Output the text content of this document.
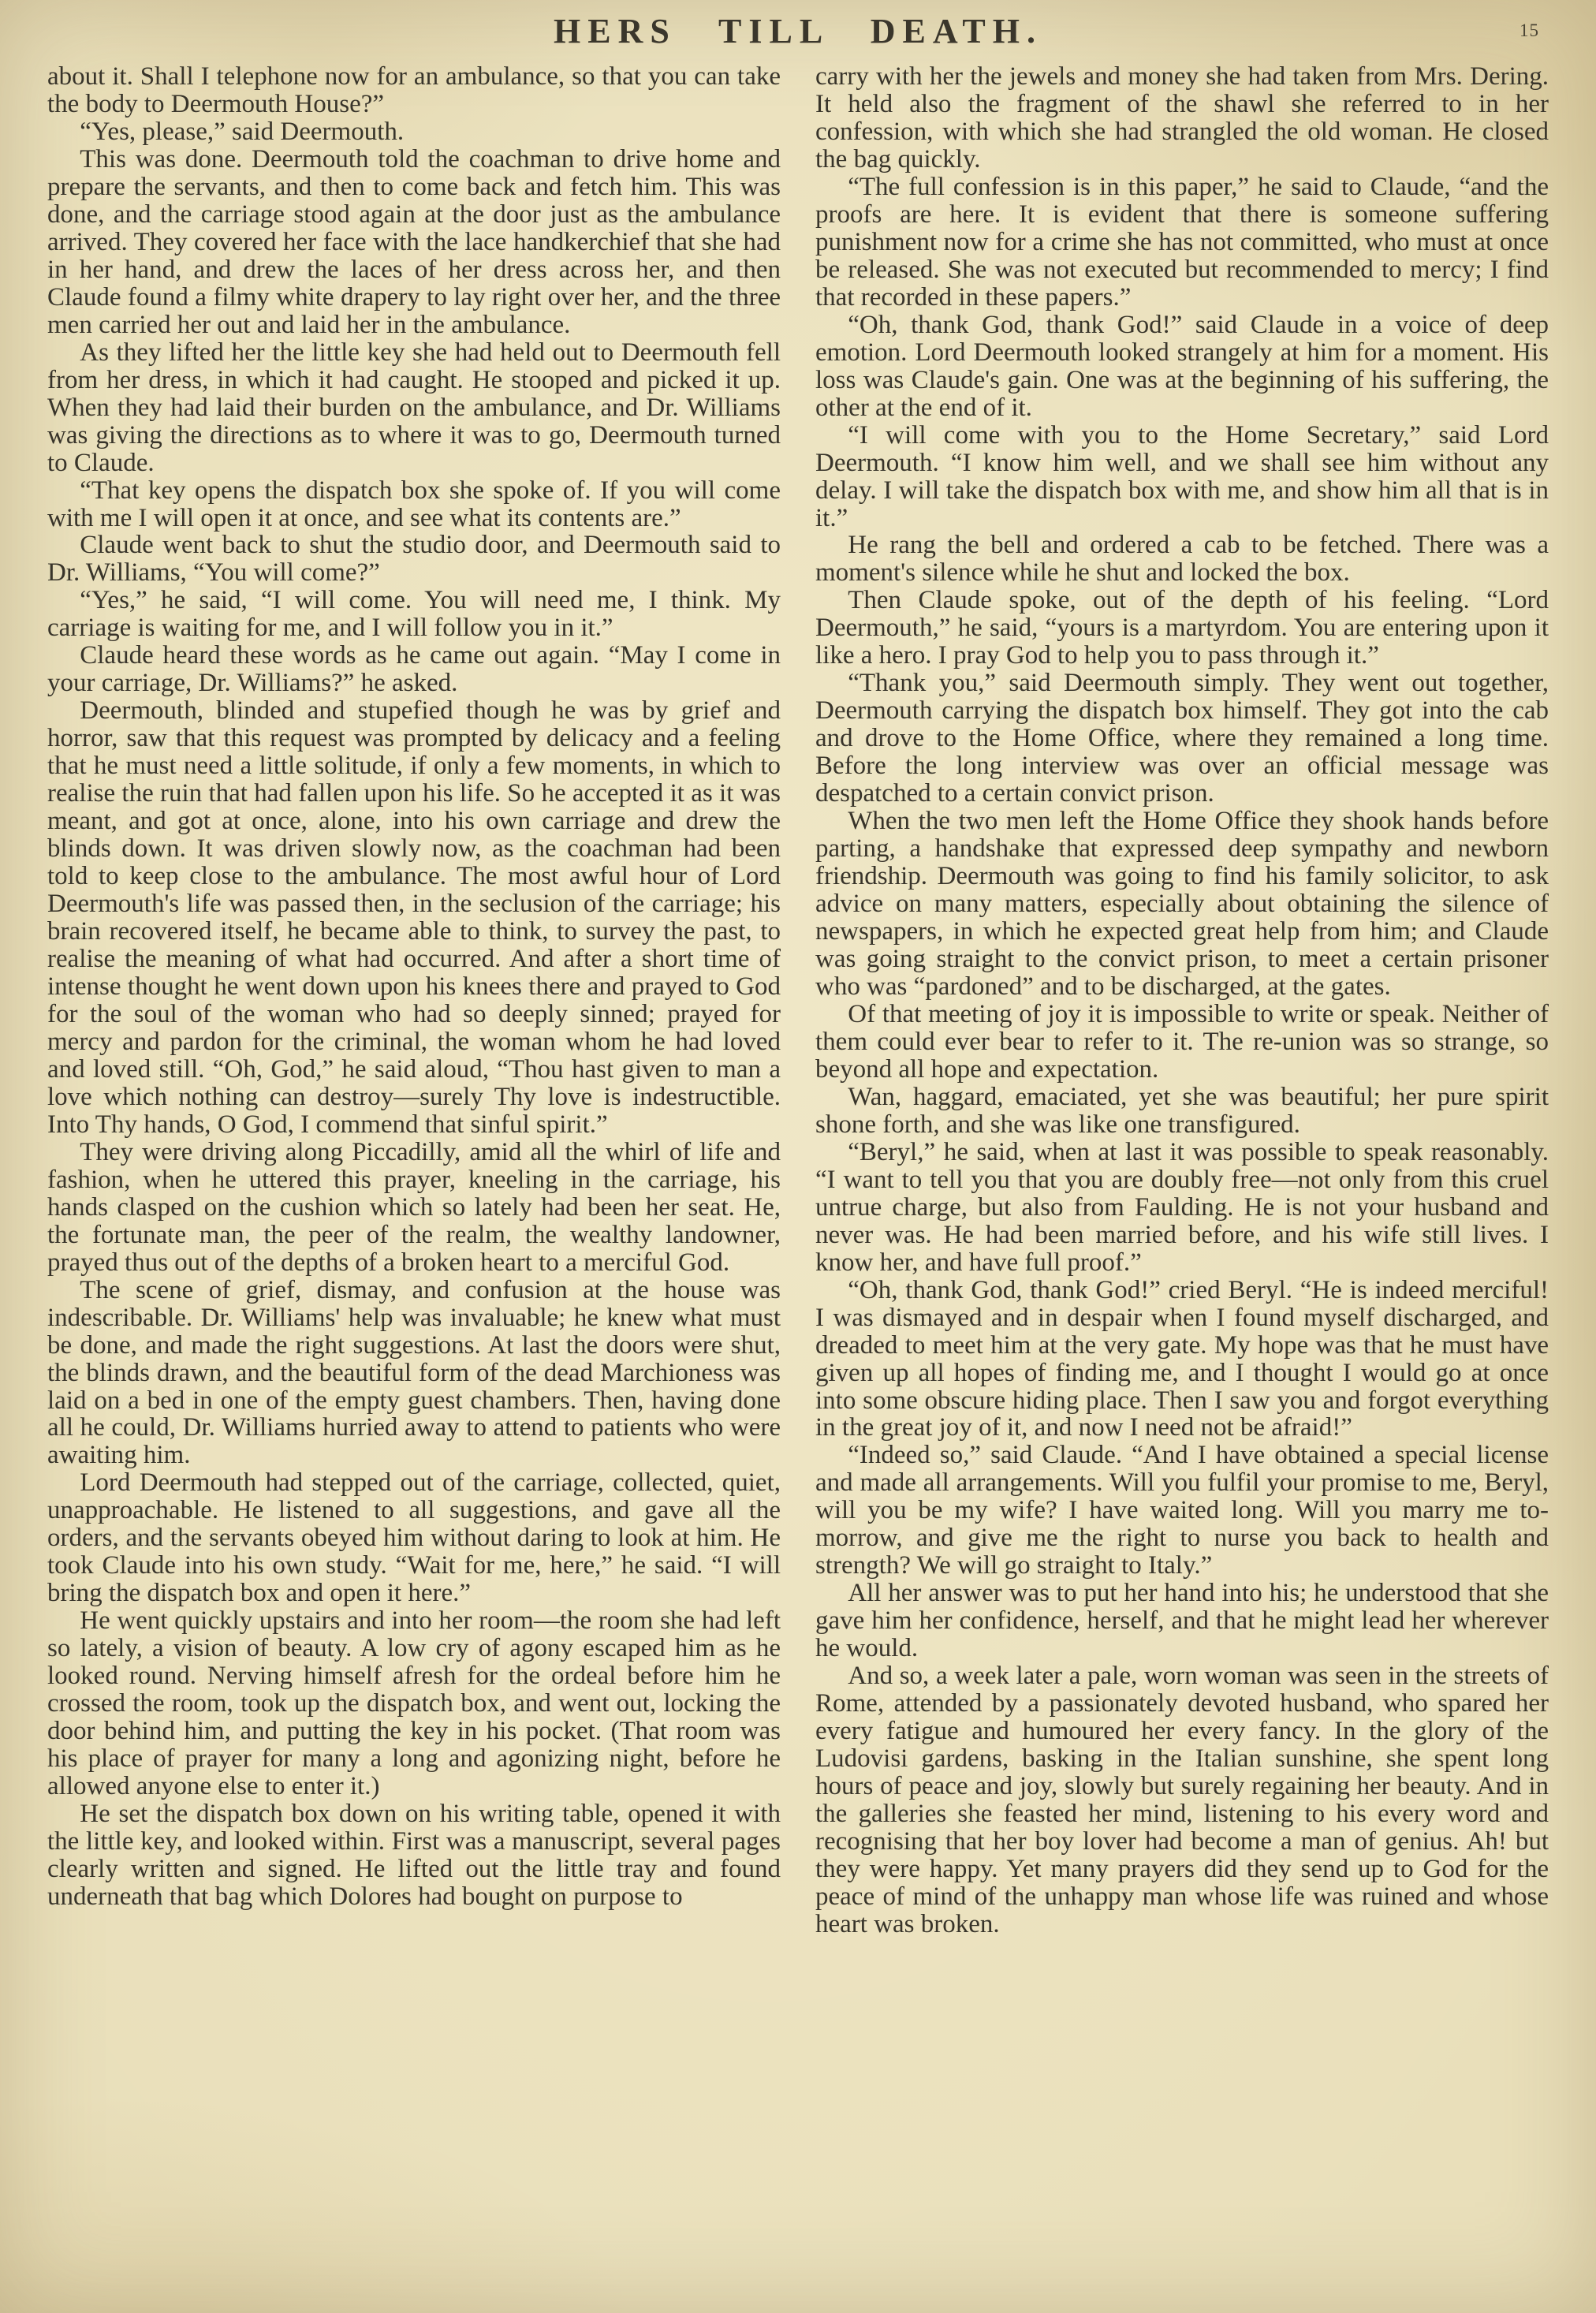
HERS TILL DEATH.	15

about it. Shall I telephone now for an ambulance, so that you can take the body to Deermouth House?”

“Yes, please,” said Deermouth.

This was done. Deermouth told the coachman to drive home and prepare the servants, and then to come back and fetch him. This was done, and the carriage stood again at the door just as the ambulance arrived. They covered her face with the lace handkerchief that she had in her hand, and drew the laces of her dress across her, and then Claude found a filmy white drapery to lay right over her, and the three men carried her out and laid her in the ambulance.

As they lifted her the little key she had held out to Deermouth fell from her dress, in which it had caught. He stooped and picked it up. When they had laid their burden on the ambulance, and Dr. Williams was giving the directions as to where it was to go, Deermouth turned to Claude.

“That key opens the dispatch box she spoke of. If you will come with me I will open it at once, and see what its contents are.”

Claude went back to shut the studio door, and Deermouth said to Dr. Williams, “You will come?”

“Yes,” he said, “I will come. You will need me, I think. My carriage is waiting for me, and I will follow you in it.”

Claude heard these words as he came out again. “May I come in your carriage, Dr. Williams?” he asked.

Deermouth, blinded and stupefied though he was by grief and horror, saw that this request was prompted by delicacy and a feeling that he must need a little solitude, if only a few moments, in which to realise the ruin that had fallen upon his life. So he accepted it as it was meant, and got at once, alone, into his own carriage and drew the blinds down. It was driven slowly now, as the coachman had been told to keep close to the ambulance. The most awful hour of Lord Deermouth's life was passed then, in the seclusion of the carriage; his brain recovered itself, he became able to think, to survey the past, to realise the meaning of what had occurred. And after a short time of intense thought he went down upon his knees there and prayed to God for the soul of the woman who had so deeply sinned; prayed for mercy and pardon for the criminal, the woman whom he had loved and loved still. “Oh, God,” he said aloud, “Thou hast given to man a love which nothing can destroy—surely Thy love is indestructible. Into Thy hands, O God, I commend that sinful spirit.”

They were driving along Piccadilly, amid all the whirl of life and fashion, when he uttered this prayer, kneeling in the carriage, his hands clasped on the cushion which so lately had been her seat. He, the fortunate man, the peer of the realm, the wealthy landowner, prayed thus out of the depths of a broken heart to a merciful God.

The scene of grief, dismay, and confusion at the house was indescribable. Dr. Williams' help was invaluable; he knew what must be done, and made the right suggestions. At last the doors were shut, the blinds drawn, and the beautiful form of the dead Marchioness was laid on a bed in one of the empty guest chambers. Then, having done all he could, Dr. Williams hurried away to attend to patients who were awaiting him.

Lord Deermouth had stepped out of the carriage, collected, quiet, unapproachable. He listened to all suggestions, and gave all the orders, and the servants obeyed him without daring to look at him. He took Claude into his own study. “Wait for me, here,” he said. “I will bring the dispatch box and open it here.”

He went quickly upstairs and into her room—the room she had left so lately, a vision of beauty. A low cry of agony escaped him as he looked round. Nerving himself afresh for the ordeal before him he crossed the room, took up the dispatch box, and went out, locking the door behind him, and putting the key in his pocket. (That room was his place of prayer for many a long and agonizing night, before he allowed anyone else to enter it.)

He set the dispatch box down on his writing table, opened it with the little key, and looked within. First was a manuscript, several pages clearly written and signed. He lifted out the little tray and found underneath that bag which Dolores had bought on purpose to

carry with her the jewels and money she had taken from Mrs. Dering. It held also the fragment of the shawl she referred to in her confession, with which she had strangled the old woman. He closed the bag quickly.

“The full confession is in this paper,” he said to Claude, “and the proofs are here. It is evident that there is someone suffering punishment now for a crime she has not committed, who must at once be released. She was not executed but recommended to mercy; I find that recorded in these papers.”

“Oh, thank God, thank God!” said Claude in a voice of deep emotion. Lord Deermouth looked strangely at him for a moment. His loss was Claude's gain. One was at the beginning of his suffering, the other at the end of it.

“I will come with you to the Home Secretary,” said Lord Deermouth. “I know him well, and we shall see him without any delay. I will take the dispatch box with me, and show him all that is in it.”

He rang the bell and ordered a cab to be fetched. There was a moment's silence while he shut and locked the box.

Then Claude spoke, out of the depth of his feeling. “Lord Deermouth,” he said, “yours is a martyrdom. You are entering upon it like a hero. I pray God to help you to pass through it.”

“Thank you,” said Deermouth simply. They went out together, Deermouth carrying the dispatch box himself. They got into the cab and drove to the Home Office, where they remained a long time. Before the long interview was over an official message was despatched to a certain convict prison.

When the two men left the Home Office they shook hands before parting, a handshake that expressed deep sympathy and newborn friendship. Deermouth was going to find his family solicitor, to ask advice on many matters, especially about obtaining the silence of newspapers, in which he expected great help from him; and Claude was going straight to the convict prison, to meet a certain prisoner who was “pardoned” and to be discharged, at the gates.

Of that meeting of joy it is impossible to write or speak. Neither of them could ever bear to refer to it. The re-union was so strange, so beyond all hope and expectation.

Wan, haggard, emaciated, yet she was beautiful; her pure spirit shone forth, and she was like one transfigured.

“Beryl,” he said, when at last it was possible to speak reasonably. “I want to tell you that you are doubly free—not only from this cruel untrue charge, but also from Faulding. He is not your husband and never was. He had been married before, and his wife still lives. I know her, and have full proof.”

“Oh, thank God, thank God!” cried Beryl. “He is indeed merciful! I was dismayed and in despair when I found myself discharged, and dreaded to meet him at the very gate. My hope was that he must have given up all hopes of finding me, and I thought I would go at once into some obscure hiding place. Then I saw you and forgot everything in the great joy of it, and now I need not be afraid!”

“Indeed so,” said Claude. “And I have obtained a special license and made all arrangements. Will you fulfil your promise to me, Beryl, will you be my wife? I have waited long. Will you marry me to-morrow, and give me the right to nurse you back to health and strength? We will go straight to Italy.”

All her answer was to put her hand into his; he understood that she gave him her confidence, herself, and that he might lead her wherever he would.

And so, a week later a pale, worn woman was seen in the streets of Rome, attended by a passionately devoted husband, who spared her every fatigue and humoured her every fancy. In the glory of the Ludovisi gardens, basking in the Italian sunshine, she spent long hours of peace and joy, slowly but surely regaining her beauty. And in the galleries she feasted her mind, listening to his every word and recognising that her boy lover had become a man of genius. Ah! but they were happy. Yet many prayers did they send up to God for the peace of mind of the unhappy man whose life was ruined and whose heart was broken.
